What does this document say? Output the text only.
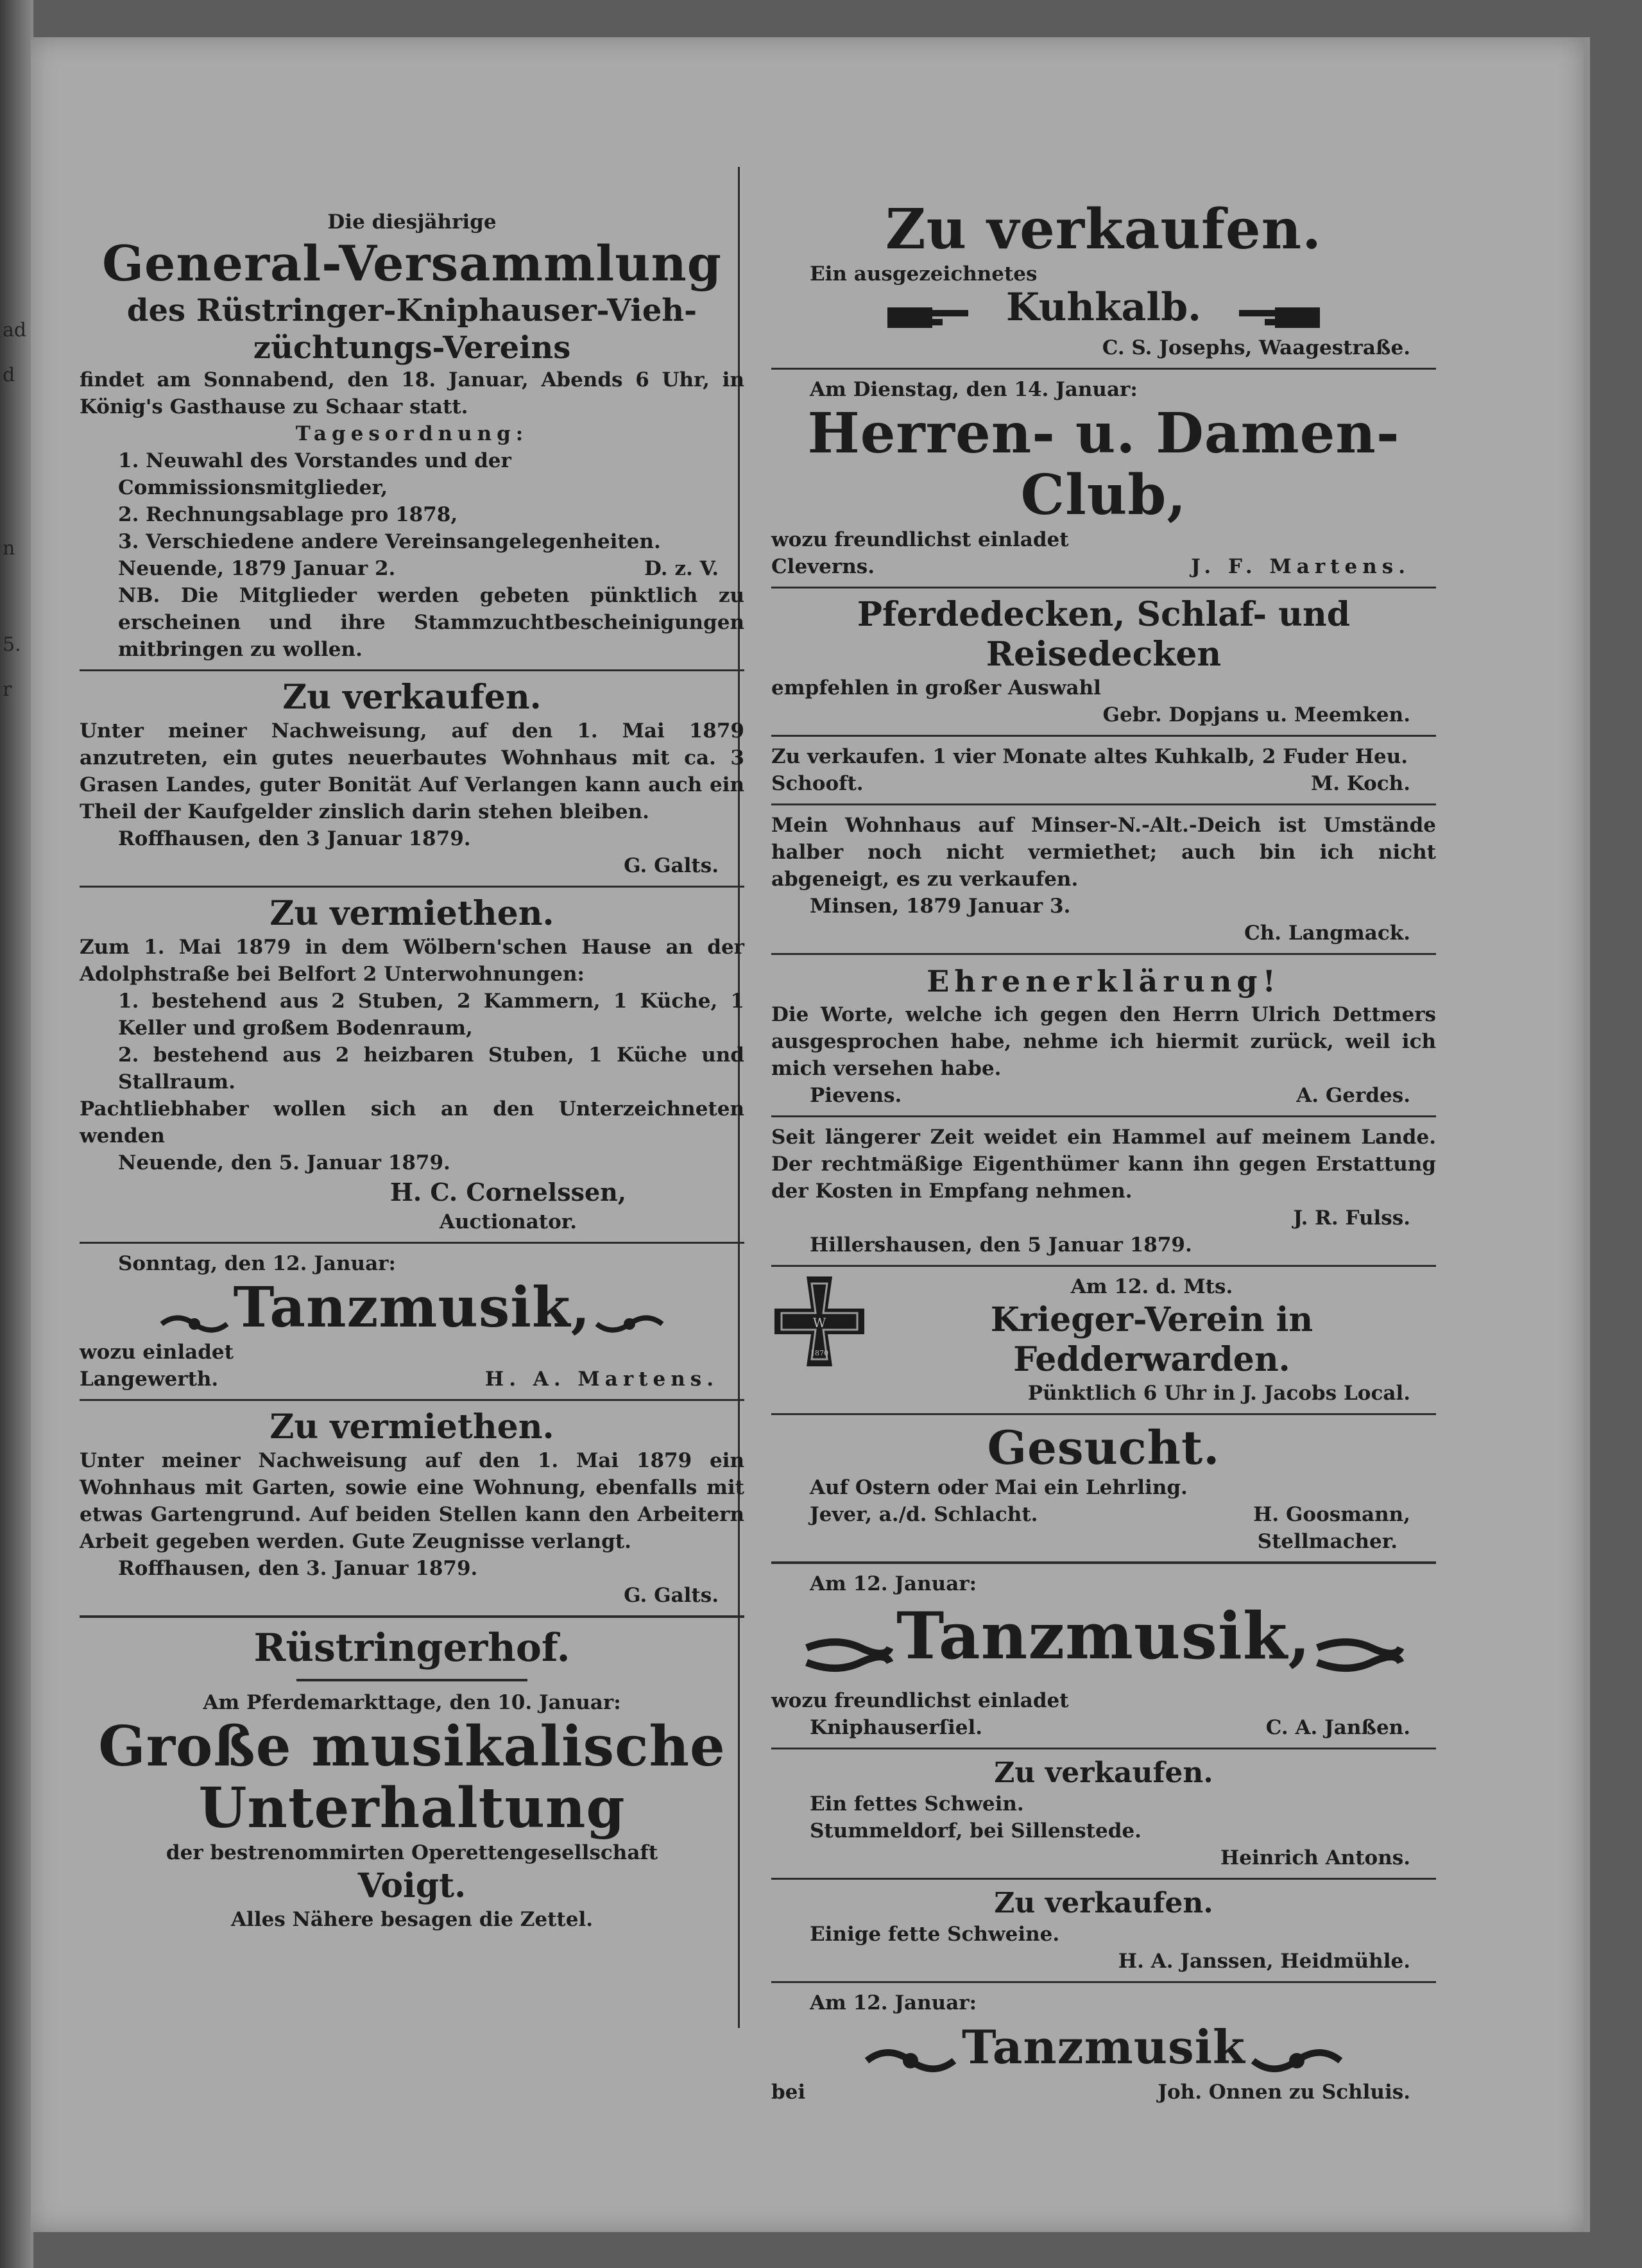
ad
d
n
5.
r
Die diesjährige
General-Versammlung
des Rüstringer-Kniphauser-Vieh-
züchtungs-Vereins
findet am Sonnabend, den 18. Januar, Abends 6 Uhr, in König's Gasthause zu Schaar statt.
Tagesordnung:
1. Neuwahl des Vorstandes und der Commissionsmitglieder,
2. Rechnungsablage pro 1878,
3. Verschiedene andere Vereinsangelegenheiten.
Neuende, 1879 Januar 2.	D. z. V.
NB. Die Mitglieder werden gebeten pünktlich zu erscheinen und ihre Stammzuchtbescheinigungen mitbringen zu wollen.
Zu verkaufen.
Unter meiner Nachweisung, auf den 1. Mai 1879 anzutreten, ein gutes neuerbautes Wohnhaus mit ca. 3 Grasen Landes, guter Bonität Auf Verlangen kann auch ein Theil der Kaufgelder zinslich darin stehen bleiben.
Roffhausen, den 3 Januar 1879.
G. Galts.
Zu vermiethen.
Zum 1. Mai 1879 in dem Wölbern'schen Hause an der Adolphstraße bei Belfort 2 Unterwohnungen:
1. bestehend aus 2 Stuben, 2 Kammern, 1 Küche, 1 Keller und großem Bodenraum,
2. bestehend aus 2 heizbaren Stuben, 1 Küche und Stallraum.
Pachtliebhaber wollen sich an den Unterzeichneten wenden
Neuende, den 5. Januar 1879.
H. C. Cornelssen,
Auctionator.
Sonntag, den 12. Januar:
Tanzmusik,
wozu einladet
Langewerth.	H. A. Martens.
Zu vermiethen.
Unter meiner Nachweisung auf den 1. Mai 1879 ein Wohnhaus mit Garten, sowie eine Wohnung, ebenfalls mit etwas Gartengrund. Auf beiden Stellen kann den Arbeitern Arbeit gegeben werden. Gute Zeugnisse verlangt.
Roffhausen, den 3. Januar 1879.
G. Galts.
Rüstringerhof.
Am Pferdemarkttage, den 10. Januar:
Große musikalische
Unterhaltung
der bestrenommirten Operettengesellschaft
Voigt.
Alles Nähere besagen die Zettel.
Zu verkaufen.
Ein ausgezeichnetes
Kuhkalb.
C. S. Josephs, Waagestraße.
Am Dienstag, den 14. Januar:
Herren- u. Damen-Club,
wozu freundlichst einladet
Cleverns.	J. F. Martens.
Pferdedecken, Schlaf- und
Reisedecken
empfehlen in großer Auswahl
Gebr. Dopjans u. Meemken.
Zu verkaufen. 1 vier Monate altes Kuhkalb, 2 Fuder Heu.
Schooft.	M. Koch.
Mein Wohnhaus auf Minser-N.-Alt.-Deich ist Umstände halber noch nicht vermiethet; auch bin ich nicht abgeneigt, es zu verkaufen.
Minsen, 1879 Januar 3.
Ch. Langmack.
Ehrenerklärung!
Die Worte, welche ich gegen den Herrn Ulrich Dettmers ausgesprochen habe, nehme ich hiermit zurück, weil ich mich versehen habe.
Pievens.	A. Gerdes.
Seit längerer Zeit weidet ein Hammel auf meinem Lande. Der rechtmäßige Eigenthümer kann ihn gegen Erstattung der Kosten in Empfang nehmen.
J. R. Fulss.
Hillershausen, den 5 Januar 1879.
W
1870
Am 12. d. Mts.
Krieger-Verein in
Fedderwarden.
Pünktlich 6 Uhr in J. Jacobs Local.
Gesucht.
Auf Ostern oder Mai ein Lehrling.
Jever, a./d. Schlacht.	H. Goosmann,
Stellmacher.
Am 12. Januar:
Tanzmusik,
wozu freundlichst einladet
Kniphauserſiel.	C. A. Janßen.
Zu verkaufen.
Ein fettes Schwein.
Stummeldorf, bei Sillenstede.
Heinrich Antons.
Zu verkaufen.
Einige fette Schweine.
H. A. Janssen, Heidmühle.
Am 12. Januar:
Tanzmusik
bei	Joh. Onnen zu Schluis.
